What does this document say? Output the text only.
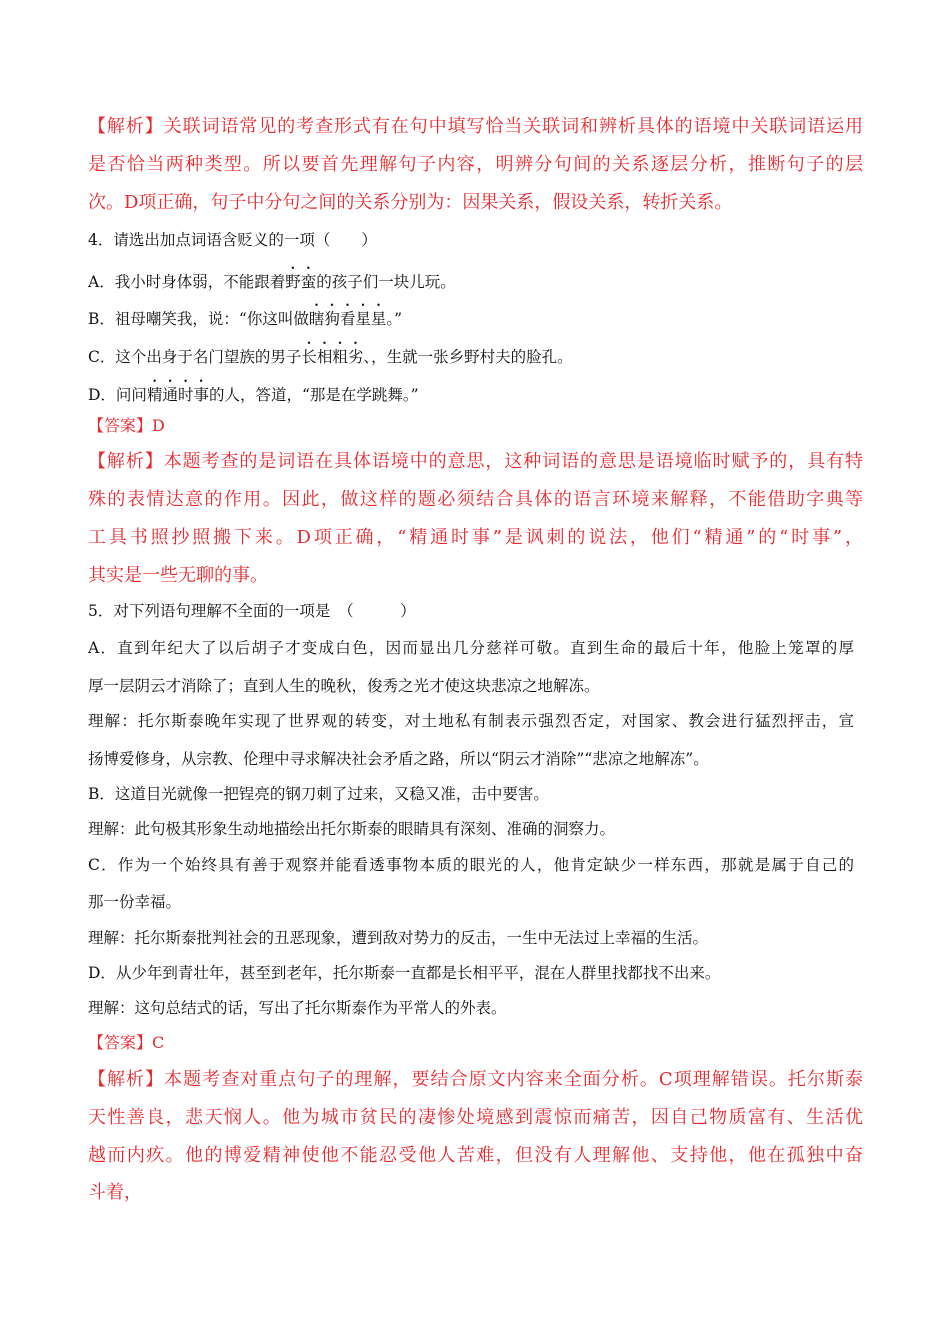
【解析】关联词语常见的考查形式有在句中填写恰当关联词和辨析具体的语境中关联词语运用
是否恰当两种类型。所以要首先理解句子内容，明辨分句间的关系逐层分析，推断句子的层
次。D项正确，句子中分句之间的关系分别为：因果关系，假设关系，转折关系。
4．请选出加点词语含贬义的一项（　　）
A．我小时身体弱，不能跟着野蛮的孩子们一块儿玩。
B．祖母嘲笑我，说：“你这叫做瞎狗看星星。”
C．这个出身于名门望族的男子长相粗劣、，生就一张乡野村夫的脸孔。
D．问问精通时事的人，答道，“那是在学跳舞。”
【答案】D
【解析】本题考查的是词语在具体语境中的意思，这种词语的意思是语境临时赋予的，具有特
殊的表情达意的作用。因此，做这样的题必须结合具体的语言环境来解释，不能借助字典等
工具书照抄照搬下来。D项正确，“精通时事”是讽刺的说法，他们“精通”的“时事”，
其实是一些无聊的事。
5．对下列语句理解不全面的一项是　（　　　）
A．直到年纪大了以后胡子才变成白色，因而显出几分慈祥可敬。直到生命的最后十年，他脸上笼罩的厚
厚一层阴云才消除了；直到人生的晚秋，俊秀之光才使这块悲凉之地解冻。
理解：托尔斯泰晚年实现了世界观的转变，对土地私有制表示强烈否定，对国家、教会进行猛烈抨击，宣
扬博爱修身，从宗教、伦理中寻求解决社会矛盾之路，所以“阴云才消除”“悲凉之地解冻”。
B．这道目光就像一把锃亮的钢刀刺了过来，又稳又准，击中要害。
理解：此句极其形象生动地描绘出托尔斯泰的眼睛具有深刻、准确的洞察力。
C．作为一个始终具有善于观察并能看透事物本质的眼光的人，他肯定缺少一样东西，那就是属于自己的
那一份幸福。
理解：托尔斯泰批判社会的丑恶现象，遭到敌对势力的反击，一生中无法过上幸福的生活。
D．从少年到青壮年，甚至到老年，托尔斯泰一直都是长相平平，混在人群里找都找不出来。
理解：这句总结式的话，写出了托尔斯泰作为平常人的外表。
【答案】C
【解析】本题考查对重点句子的理解，要结合原文内容来全面分析。C项理解错误。托尔斯泰
天性善良，悲天悯人。他为城市贫民的凄惨处境感到震惊而痛苦，因自己物质富有、生活优
越而内疚。他的博爱精神使他不能忍受他人苦难，但没有人理解他、支持他，他在孤独中奋
斗着，
